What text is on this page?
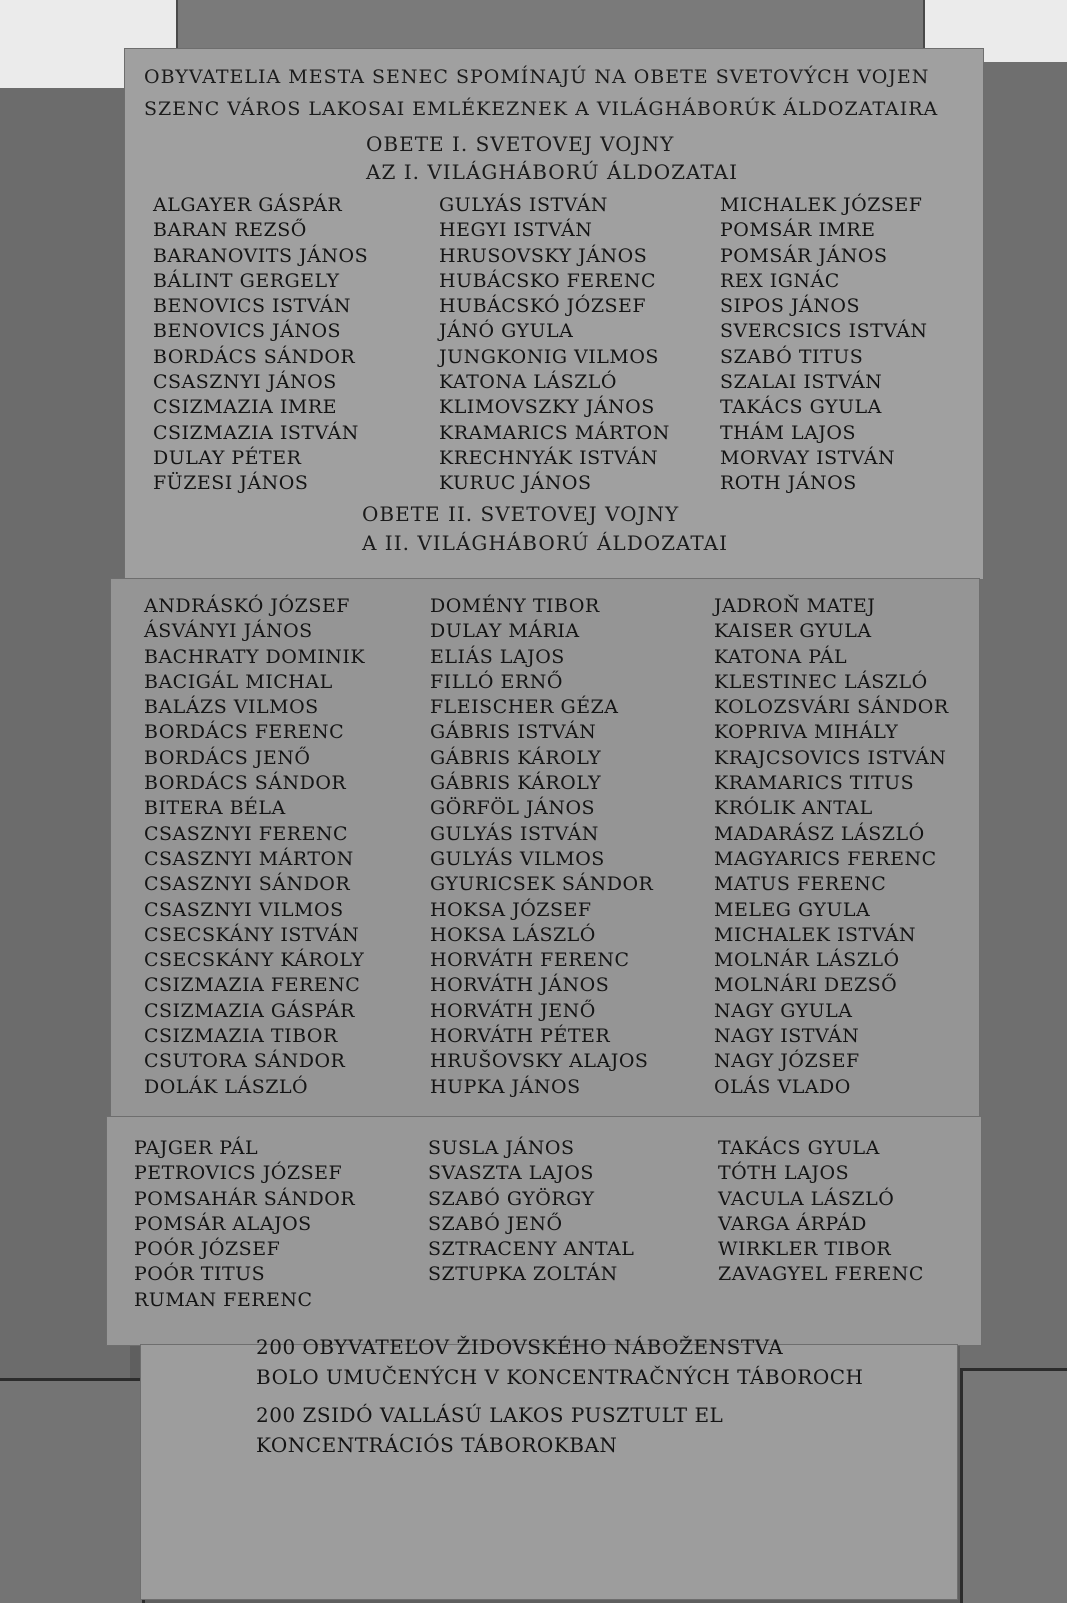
OBYVATELIA MESTA SENEC SPOMÍNAJÚ NA OBETE SVETOVÝCH VOJEN
SZENC VÁROS LAKOSAI EMLÉKEZNEK A VILÁGHÁBORÚK ÁLDOZATAIRA
OBETE I. SVETOVEJ VOJNY
AZ I. VILÁGHÁBORÚ ÁLDOZATAI
ALGAYER GÁSPÁR
BARAN REZSŐ
BARANOVITS JÁNOS
BÁLINT GERGELY
BENOVICS ISTVÁN
BENOVICS JÁNOS
BORDÁCS SÁNDOR
CSASZNYI JÁNOS
CSIZMAZIA IMRE
CSIZMAZIA ISTVÁN
DULAY PÉTER
FÜZESI JÁNOS
GULYÁS ISTVÁN
HEGYI ISTVÁN
HRUSOVSKY JÁNOS
HUBÁCSKO FERENC
HUBÁCSKÓ JÓZSEF
JÁNÓ GYULA
JUNGKONIG VILMOS
KATONA LÁSZLÓ
KLIMOVSZKY JÁNOS
KRAMARICS MÁRTON
KRECHNYÁK ISTVÁN
KURUC JÁNOS
MICHALEK JÓZSEF
POMSÁR IMRE
POMSÁR JÁNOS
REX IGNÁC
SIPOS JÁNOS
SVERCSICS ISTVÁN
SZABÓ TITUS
SZALAI ISTVÁN
TAKÁCS GYULA
THÁM LAJOS
MORVAY ISTVÁN
ROTH JÁNOS
OBETE II. SVETOVEJ VOJNY
A II. VILÁGHÁBORÚ ÁLDOZATAI
ANDRÁSKÓ JÓZSEF
ÁSVÁNYI JÁNOS
BACHRATY DOMINIK
BACIGÁL MICHAL
BALÁZS VILMOS
BORDÁCS FERENC
BORDÁCS JENŐ
BORDÁCS SÁNDOR
BITERA BÉLA
CSASZNYI FERENC
CSASZNYI MÁRTON
CSASZNYI SÁNDOR
CSASZNYI VILMOS
CSECSKÁNY ISTVÁN
CSECSKÁNY KÁROLY
CSIZMAZIA FERENC
CSIZMAZIA GÁSPÁR
CSIZMAZIA TIBOR
CSUTORA SÁNDOR
DOLÁK LÁSZLÓ
DOMÉNY TIBOR
DULAY MÁRIA
ELIÁS LAJOS
FILLÓ ERNŐ
FLEISCHER GÉZA
GÁBRIS ISTVÁN
GÁBRIS KÁROLY
GÁBRIS KÁROLY
GÖRFÖL JÁNOS
GULYÁS ISTVÁN
GULYÁS VILMOS
GYURICSEK SÁNDOR
HOKSA JÓZSEF
HOKSA LÁSZLÓ
HORVÁTH FERENC
HORVÁTH JÁNOS
HORVÁTH JENŐ
HORVÁTH PÉTER
HRUŠOVSKY ALAJOS
HUPKA JÁNOS
JADROŇ MATEJ
KAISER GYULA
KATONA PÁL
KLESTINEC LÁSZLÓ
KOLOZSVÁRI SÁNDOR
KOPRIVA MIHÁLY
KRAJCSOVICS ISTVÁN
KRAMARICS TITUS
KRÓLIK ANTAL
MADARÁSZ LÁSZLÓ
MAGYARICS FERENC
MATUS FERENC
MELEG GYULA
MICHALEK ISTVÁN
MOLNÁR LÁSZLÓ
MOLNÁRI DEZSŐ
NAGY GYULA
NAGY ISTVÁN
NAGY JÓZSEF
OLÁS VLADO
PAJGER PÁL
PETROVICS JÓZSEF
POMSAHÁR SÁNDOR
POMSÁR ALAJOS
POÓR JÓZSEF
POÓR TITUS
RUMAN FERENC
SUSLA JÁNOS
SVASZTA LAJOS
SZABÓ GYÖRGY
SZABÓ JENŐ
SZTRACENY ANTAL
SZTUPKA ZOLTÁN
TAKÁCS GYULA
TÓTH LAJOS
VACULA LÁSZLÓ
VARGA ÁRPÁD
WIRKLER TIBOR
ZAVAGYEL FERENC
200 OBYVATEĽOV ŽIDOVSKÉHO NÁBOŽENSTVA
BOLO UMUČENÝCH V KONCENTRAČNÝCH TÁBOROCH
200 ZSIDÓ VALLÁSÚ LAKOS PUSZTULT EL
KONCENTRÁCIÓS TÁBOROKBAN
